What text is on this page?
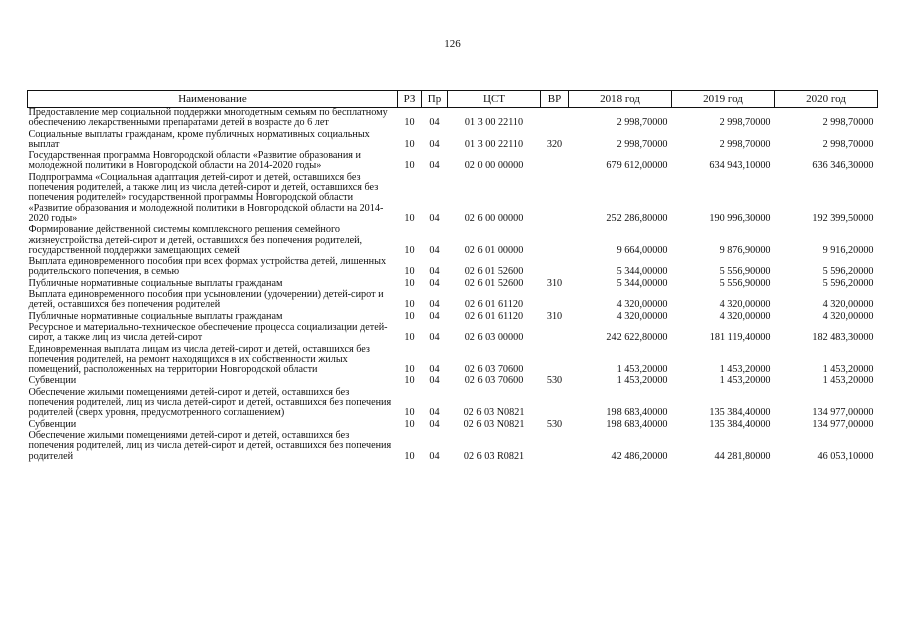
126
Наименование	РЗ	Пр	ЦСТ	ВР	2018 год	2019 год	2020 год
Предоставление мер социальной поддержки многодетным семьям по бесплатному обеспечению лекарственными препаратами детей в возрасте до 6 лет	10	04	01 3 00 22110		2 998,70000	2 998,70000	2 998,70000
Социальные выплаты гражданам, кроме публичных нормативных социальных выплат	10	04	01 3 00 22110	320	2 998,70000	2 998,70000	2 998,70000
Государственная программа Новгородской области «Развитие образования и молодежной политики в Новгородской области на 2014-2020 годы»	10	04	02 0 00 00000		679 612,00000	634 943,10000	636 346,30000
Подпрограмма «Социальная адаптация детей-сирот и детей, оставшихся без попечения родителей, а также лиц из числа детей-сирот и детей, оставшихся без попечения родителей» государственной программы Новгородской области «Развитие образования и молодежной политики в Новгородской области на 2014-2020 годы»	10	04	02 6 00 00000		252 286,80000	190 996,30000	192 399,50000
Формирование действенной системы комплексного решения семейного жизнеустройства детей-сирот и детей, оставшихся без попечения родителей, государственной поддержки замещающих семей	10	04	02 6 01 00000		9 664,00000	9 876,90000	9 916,20000
Выплата единовременного пособия при всех формах устройства детей, лишенных родительского попечения, в семью	10	04	02 6 01 52600		5 344,00000	5 556,90000	5 596,20000
Публичные нормативные социальные выплаты гражданам	10	04	02 6 01 52600	310	5 344,00000	5 556,90000	5 596,20000
Выплата единовременного пособия при усыновлении (удочерении) детей-сирот и детей, оставшихся без попечения родителей	10	04	02 6 01 61120		4 320,00000	4 320,00000	4 320,00000
Публичные нормативные социальные выплаты гражданам	10	04	02 6 01 61120	310	4 320,00000	4 320,00000	4 320,00000
Ресурсное и материально-техническое обеспечение процесса социализации детей-сирот, а также лиц из числа детей-сирот	10	04	02 6 03 00000		242 622,80000	181 119,40000	182 483,30000
Единовременная выплата лицам из числа детей-сирот и детей, оставшихся без попечения родителей, на ремонт находящихся в их собственности жилых помещений, расположенных на территории Новгородской области	10	04	02 6 03 70600		1 453,20000	1 453,20000	1 453,20000
Субвенции	10	04	02 6 03 70600	530	1 453,20000	1 453,20000	1 453,20000
Обеспечение жилыми помещениями детей-сирот и детей, оставшихся без попечения родителей, лиц из числа детей-сирот и детей, оставшихся без попечения родителей (сверх уровня, предусмотренного соглашением)	10	04	02 6 03 N0821		198 683,40000	135 384,40000	134 977,00000
Субвенции	10	04	02 6 03 N0821	530	198 683,40000	135 384,40000	134 977,00000
Обеспечение жилыми помещениями детей-сирот и детей, оставшихся без попечения родителей, лиц из числа детей-сирот и детей, оставшихся без попечения родителей	10	04	02 6 03 R0821		42 486,20000	44 281,80000	46 053,10000
